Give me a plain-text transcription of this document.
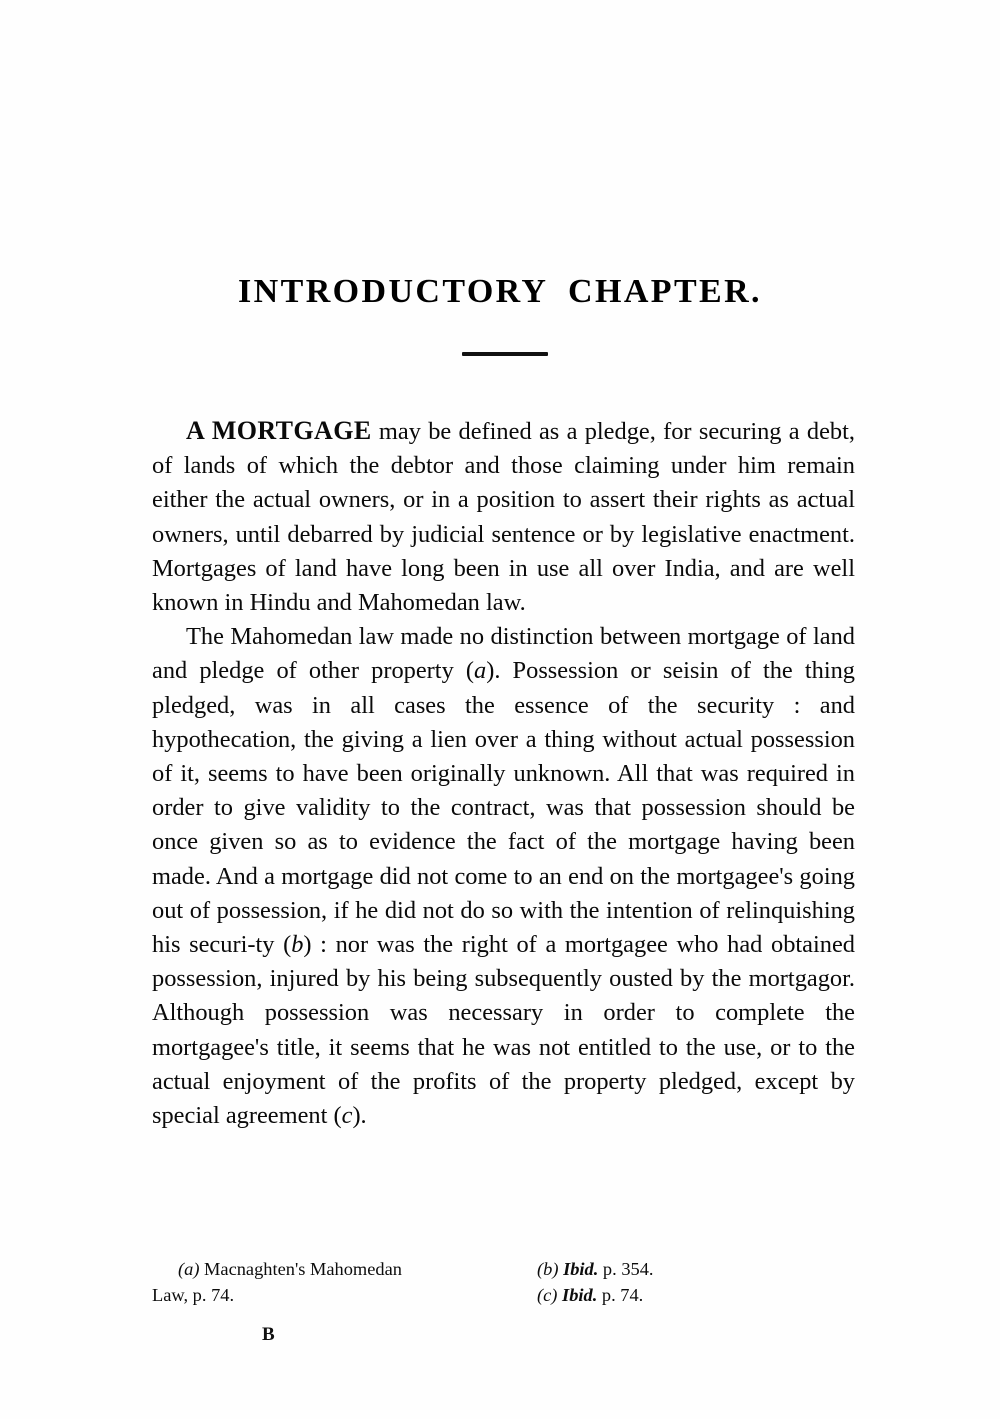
INTRODUCTORY CHAPTER.

A MORTGAGE may be defined as a pledge, for securing a debt, of lands of which the debtor and those claiming under him remain either the actual owners, or in a position to assert their rights as actual owners, until debarred by judicial sentence or by legislative enactment. Mortgages of land have long been in use all over India, and are well known in Hindu and Mahomedan law.

The Mahomedan law made no distinction between mortgage of land and pledge of other property (a). Possession or seisin of the thing pledged, was in all cases the essence of the security : and hypothecation, the giving a lien over a thing without actual possession of it, seems to have been originally unknown. All that was required in order to give validity to the contract, was that possession should be once given so as to evidence the fact of the mortgage having been made. And a mortgage did not come to an end on the mortgagee's going out of possession, if he did not do so with the intention of relinquishing his securi-ty (b) : nor was the right of a mortgagee who had obtained possession, injured by his being subsequently ousted by the mortgagor. Although possession was necessary in order to complete the mortgagee's title, it seems that he was not entitled to the use, or to the actual enjoyment of the profits of the property pledged, except by special agreement (c).

(a) Macnaghten's Mahomedan

Law, p. 74.

(b) Ibid. p. 354.

(c) Ibid. p. 74.

B
